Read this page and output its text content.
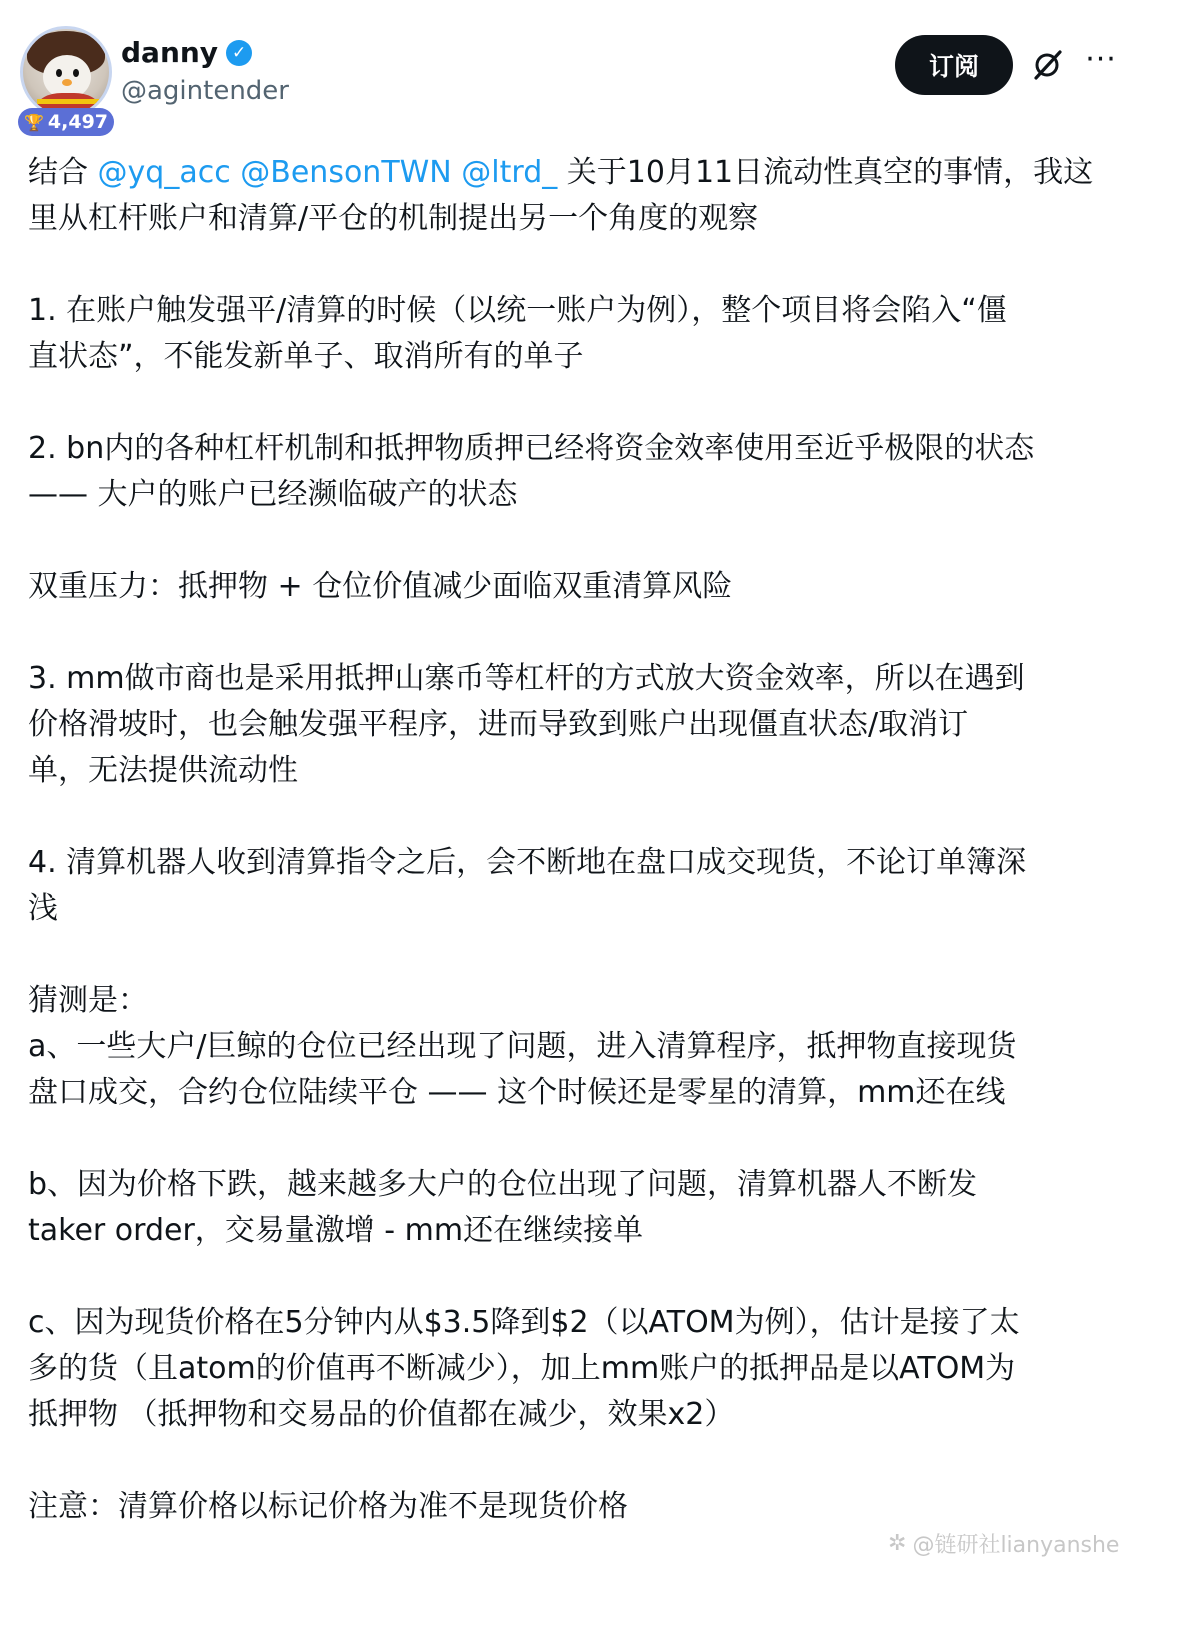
🏆 4,497
danny ✓
@agintender
订阅	···
结合 @yq_acc @BensonTWN @ltrd_ 关于10月11日流动性真空的事情，我这
里从杠杆账户和清算/平仓的机制提出另一个角度的观察
1. 在账户触发强平/清算的时候（以统一账户为例），整个项目将会陷入“僵
直状态”，不能发新单子、取消所有的单子
2. bn内的各种杠杆机制和抵押物质押已经将资金效率使用至近乎极限的状态
—— 大户的账户已经濒临破产的状态
双重压力：抵押物 + 仓位价值减少面临双重清算风险
3. mm做市商也是采用抵押山寨币等杠杆的方式放大资金效率，所以在遇到
价格滑坡时，也会触发强平程序，进而导致到账户出现僵直状态/取消订
单，无法提供流动性
4. 清算机器人收到清算指令之后，会不断地在盘口成交现货，不论订单簿深
浅
猜测是：
a、一些大户/巨鲸的仓位已经出现了问题，进入清算程序，抵押物直接现货
盘口成交，合约仓位陆续平仓 —— 这个时候还是零星的清算，mm还在线
b、因为价格下跌，越来越多大户的仓位出现了问题，清算机器人不断发
taker order，交易量激增 - mm还在继续接单
c、因为现货价格在5分钟内从$3.5降到$2（以ATOM为例），估计是接了太
多的货（且atom的价值再不断减少），加上mm账户的抵押品是以ATOM为
抵押物 （抵押物和交易品的价值都在减少，效果x2）
注意：清算价格以标记价格为准不是现货价格
✲ @链研社lianyanshe
